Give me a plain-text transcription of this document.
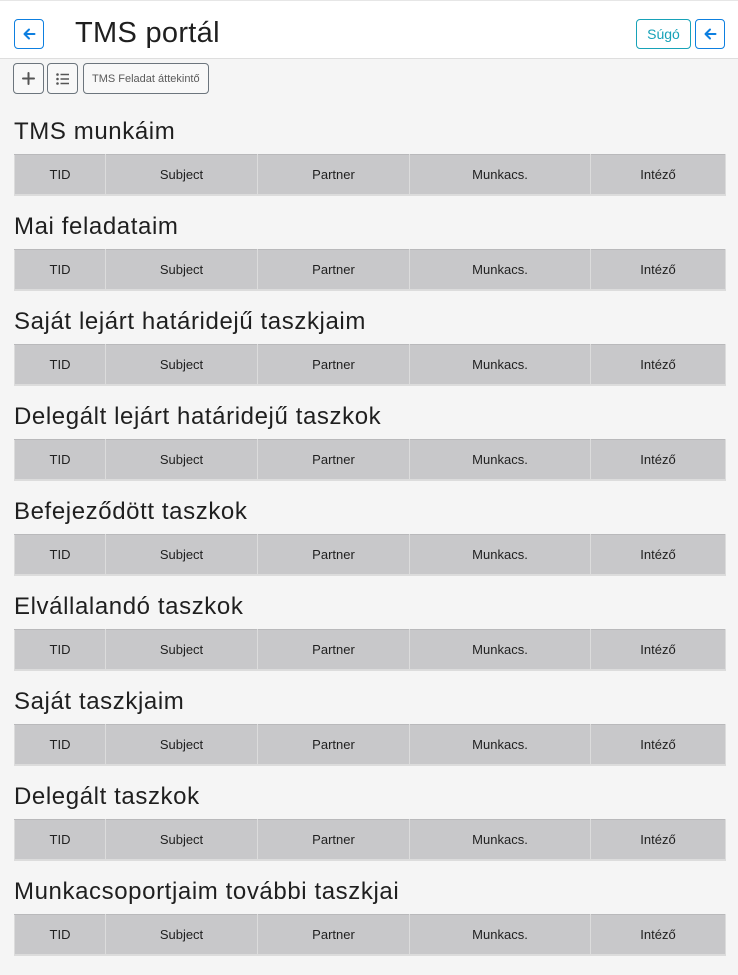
TMS portál	Súgó
TMS Feladat áttekintő
TMS munkáim
TID	Subject	Partner	Munkacs.	Intéző
Mai feladataim
TID	Subject	Partner	Munkacs.	Intéző
Saját lejárt határidejű taszkjaim
TID	Subject	Partner	Munkacs.	Intéző
Delegált lejárt határidejű taszkok
TID	Subject	Partner	Munkacs.	Intéző
Befejeződött taszkok
TID	Subject	Partner	Munkacs.	Intéző
Elvállalandó taszkok
TID	Subject	Partner	Munkacs.	Intéző
Saját taszkjaim
TID	Subject	Partner	Munkacs.	Intéző
Delegált taszkok
TID	Subject	Partner	Munkacs.	Intéző
Munkacsoportjaim további taszkjai
TID	Subject	Partner	Munkacs.	Intéző
